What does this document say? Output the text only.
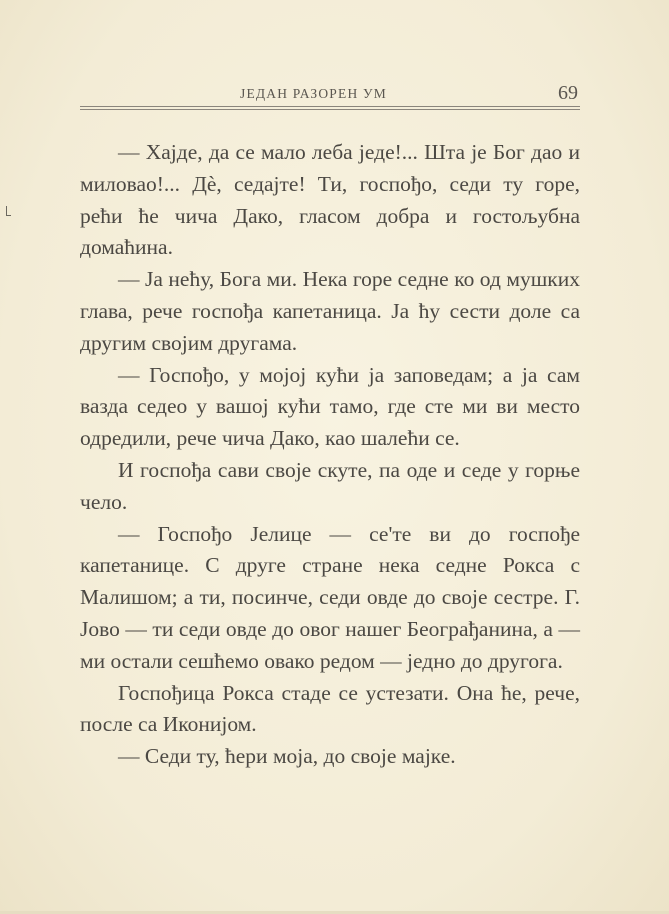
ЈЕДАН РАЗОРЕН УМ	69

— Хајде, да се мало леба једе!... Шта је Бог дао и миловао!... Дè, седајте! Ти, госпођо, седи ту горе, рећи ће чича Дако, гласом добра и гостољубна домаћина.

— Ја нећу, Бога ми. Нека горе седне ко од мушких глава, рече госпођа капетаница. Ја ћу сести доле са другим својим другама.

— Госпођо, у мојој кући ја заповедам; а ја сам вазда седео у вашој кући тамо, где сте ми ви место одредили, рече чича Дако, као шалећи се.

И госпођа сави своје скуте, па оде и седе у горње чело.

— Госпођо Јелице — се'те ви до госпође капетанице. С друге стране нека седне Рокса с Малишом; а ти, посинче, седи овде до своје сестре. Г. Јово — ти седи овде до овог нашег Београђанина, а — ми остали сешћемо овако редом — једно до другога.

Госпођица Рокса стаде се устезати. Она ће, рече, после са Иконијом.

— Седи ту, ћери моја, до своје мајке.
